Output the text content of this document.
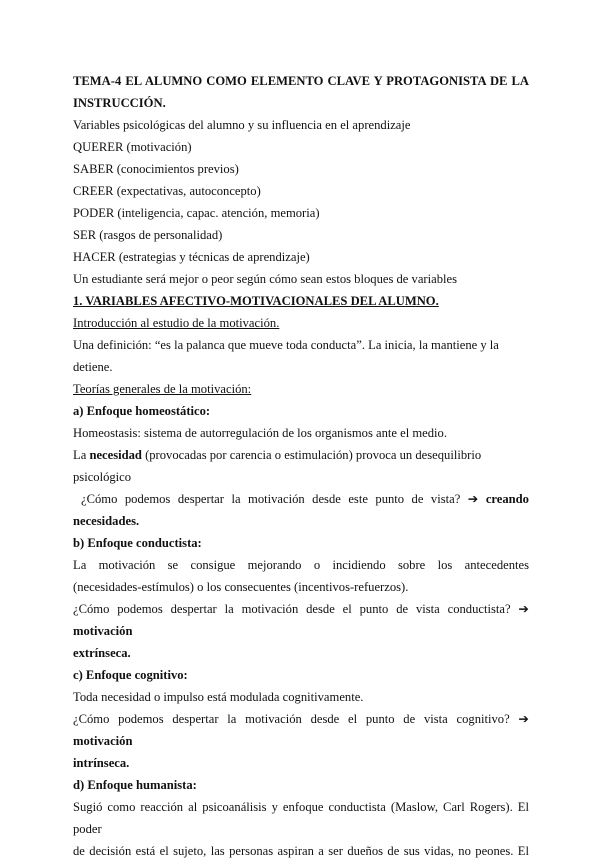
TEMA-4 EL ALUMNO COMO ELEMENTO CLAVE Y PROTAGONISTA DE LA
INSTRUCCIÓN.

Variables psicológicas del alumno y su influencia en el aprendizaje

QUERER (motivación)

SABER (conocimientos previos)

CREER (expectativas, autoconcepto)

PODER (inteligencia, capac. atención, memoria)

SER (rasgos de personalidad)

HACER (estrategias y técnicas de aprendizaje)

Un estudiante será mejor o peor según cómo sean estos bloques de variables

1. VARIABLES AFECTIVO-MOTIVACIONALES DEL ALUMNO.

Introducción al estudio de la motivación.

Una definición: “es la palanca que mueve toda conducta”. La inicia, la mantiene y la detiene.

Teorías generales de la motivación:

a) Enfoque homeostático:

Homeostasis: sistema de autorregulación de los organismos ante el medio.

La necesidad (provocadas por carencia o estimulación) provoca un desequilibrio psicológico

¿Cómo podemos despertar la motivación desde este punto de vista? ➔ creando

necesidades.

b) Enfoque conductista:

La motivación se consigue mejorando o incidiendo sobre los antecedentes

(necesidades-estímulos) o los consecuentes (incentivos-refuerzos).

¿Cómo podemos despertar la motivación desde el punto de vista conductista? ➔ motivación

extrínseca.

c) Enfoque cognitivo:

Toda necesidad o impulso está modulada cognitivamente.

¿Cómo podemos despertar la motivación desde el punto de vista cognitivo? ➔ motivación

intrínseca.

d) Enfoque humanista:

Sugió como reacción al psicoanálisis y enfoque conductista (Maslow, Carl Rogers). El poder

de decisión está el sujeto, las personas aspiran a ser dueños de sus vidas, no peones. El
